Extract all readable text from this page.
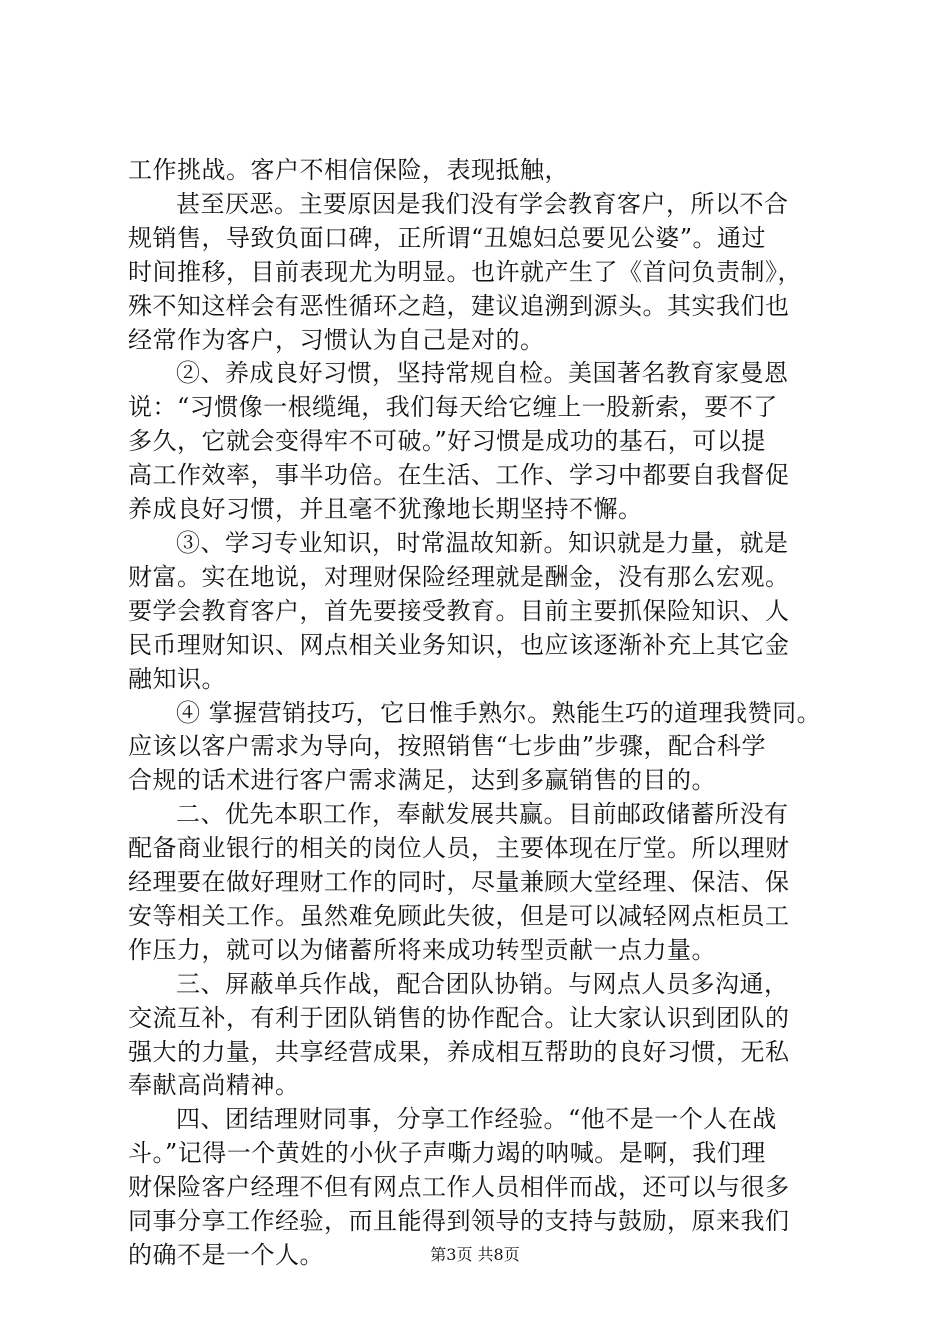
工作挑战。客户不相信保险，表现抵触，
甚至厌恶。主要原因是我们没有学会教育客户，所以不合
规销售，导致负面口碑，正所谓“丑媳妇总要见公婆”。通过
时间推移，目前表现尤为明显。也许就产生了《首问负责制》，
殊不知这样会有恶性循环之趋，建议追溯到源头。其实我们也
经常作为客户，习惯认为自己是对的。
②、养成良好习惯，坚持常规自检。美国著名教育家曼恩
说：“习惯像一根缆绳，我们每天给它缠上一股新索，要不了
多久，它就会变得牢不可破。”好习惯是成功的基石，可以提
高工作效率，事半功倍。在生活、工作、学习中都要自我督促
养成良好习惯，并且毫不犹豫地长期坚持不懈。
③、学习专业知识，时常温故知新。知识就是力量，就是
财富。实在地说，对理财保险经理就是酬金，没有那么宏观。
要学会教育客户，首先要接受教育。目前主要抓保险知识、人
民币理财知识、网点相关业务知识，也应该逐渐补充上其它金
融知识。
④ 掌握营销技巧，它日惟手熟尔。熟能生巧的道理我赞同。
应该以客户需求为导向，按照销售“七步曲”步骤，配合科学
合规的话术进行客户需求满足，达到多赢销售的目的。
二、优先本职工作，奉献发展共赢。目前邮政储蓄所没有
配备商业银行的相关的岗位人员，主要体现在厅堂。所以理财
经理要在做好理财工作的同时，尽量兼顾大堂经理、保洁、保
安等相关工作。虽然难免顾此失彼，但是可以减轻网点柜员工
作压力，就可以为储蓄所将来成功转型贡献一点力量。
三、屏蔽单兵作战，配合团队协销。与网点人员多沟通，
交流互补，有利于团队销售的协作配合。让大家认识到团队的
强大的力量，共享经营成果，养成相互帮助的良好习惯，无私
奉献高尚精神。
四、团结理财同事，分享工作经验。“他不是一个人在战
斗。”记得一个黄姓的小伙子声嘶力竭的呐喊。是啊，我们理
财保险客户经理不但有网点工作人员相伴而战，还可以与很多
同事分享工作经验，而且能得到领导的支持与鼓励，原来我们
的确不是一个人。	第3页 共8页
